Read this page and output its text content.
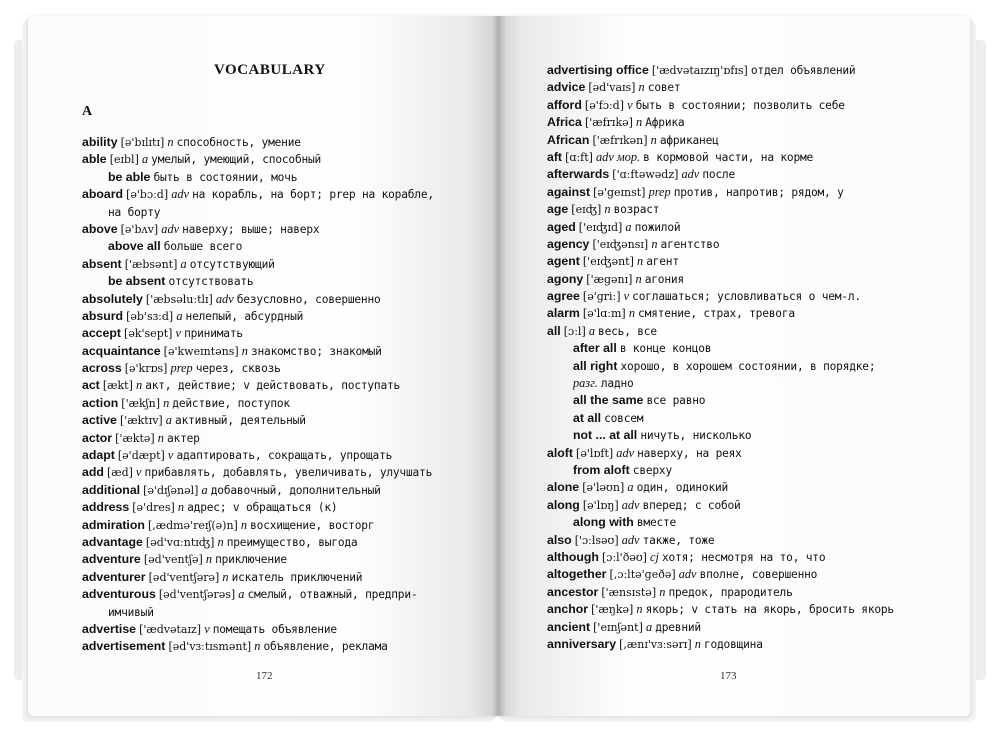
VOCABULARY
A
ability [ə'bɪlɪtɪ] n способность, умение
able [eɪbl] a умелый, умеющий, способный
be able быть в состоянии, мочь
aboard [ə'bɔːd] adv на корабль, на борт; prep на корабле,
на борту
above [ə'bʌv] adv наверху; выше; наверх
above all больше всего
absent ['æbsənt] a отсутствующий
be absent отсутствовать
absolutely ['æbsəluːtlɪ] adv безусловно, совершенно
absurd [əb'sɜːd] a нелепый, абсурдный
accept [ək'sept] v принимать
acquaintance [ə'kweɪntəns] n знакомство; знакомый
across [ə'krɒs] prep через, сквозь
act [ækt] n акт, действие; v действовать, поступать
action ['ækʃn] n действие, поступок
active ['æktɪv] a активный, деятельный
actor ['æktə] n актер
adapt [ə'dæpt] v адаптировать, сокращать, упрощать
add [æd] v прибавлять, добавлять, увеличивать, улучшать
additional [ə'dɪʃənəl] a добавочный, дополнительный
address [ə'dres] n адрес; v обращаться (к)
admiration [,ædmə'reɪʃ(ə)n] n восхищение, восторг
advantage [əd'vɑːntɪʤ] n преимущество, выгода
adventure [əd'ventʃə] n приключение
adventurer [əd'ventʃərə] n искатель приключений
adventurous [əd'ventʃərəs] a смелый, отважный, предпри-
имчивый
advertise ['ædvətaɪz] v помещать объявление
advertisement [əd'vɜːtɪsmənt] n объявление, реклама
172
advertising office ['ædvətaɪzɪŋ'ɒfɪs] отдел объявлений
advice [əd'vaɪs] n совет
afford [ə'fɔːd] v быть в состоянии; позволить себе
Africa ['æfrɪkə] n Африка
African ['æfrɪkən] n африканец
aft [ɑːft] adv мор. в кормовой части, на корме
afterwards ['ɑːftəwədz] adv после
against [ə'geɪnst] prep против, напротив; рядом, у
age [eɪʤ] n возраст
aged ['eɪʤɪd] a пожилой
agency ['eɪʤənsɪ] n агентство
agent ['eɪʤənt] n агент
agony ['ægənɪ] n агония
agree [ə'griː] v соглашаться; условливаться о чем-л.
alarm [ə'lɑːm] n смятение, страх, тревога
all [ɔːl] a весь, все
after all в конце концов
all right хорошо, в хорошем состоянии, в порядке;
разг. ладно
all the same все равно
at all совсем
not ... at all ничуть, нисколько
aloft [ə'lɒft] adv наверху, на реях
from aloft сверху
alone [ə'ləʊn] a один, одинокий
along [ə'lɒŋ] adv вперед; с собой
along with вместе
also ['ɔːlsəʊ] adv также, тоже
although [ɔːl'ðəʊ] cj хотя; несмотря на то, что
altogether [,ɔːltə'geðə] adv вполне, совершенно
ancestor ['ænsɪstə] n предок, прародитель
anchor ['æŋkə] n якорь; v стать на якорь, бросить якорь
ancient ['eɪnʃənt] a древний
anniversary [,ænɪ'vɜːsərɪ] n годовщина
173
